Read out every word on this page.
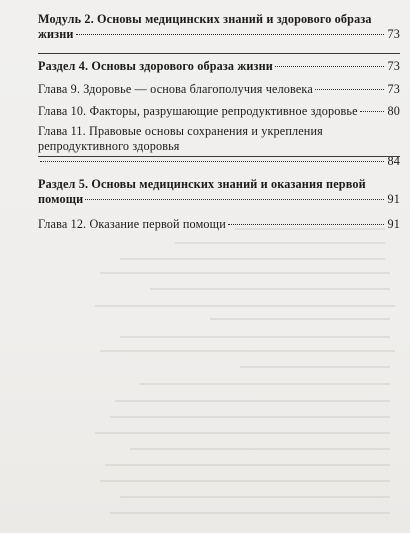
Модуль 2. Основы медицинских знаний и здорового образа
жизни	73
Раздел 4. Основы здорового образа жизни	73
Глава 9. Здоровье — основа благополучия человека	73
Глава 10. Факторы, разрушающие репродуктивное здоровье 80
Глава 11. Правовые основы сохранения и укрепления
репродуктивного здоровья
84
Раздел 5. Основы медицинских знаний и оказания первой
помощи	91
Глава 12. Оказание первой помощи	91
